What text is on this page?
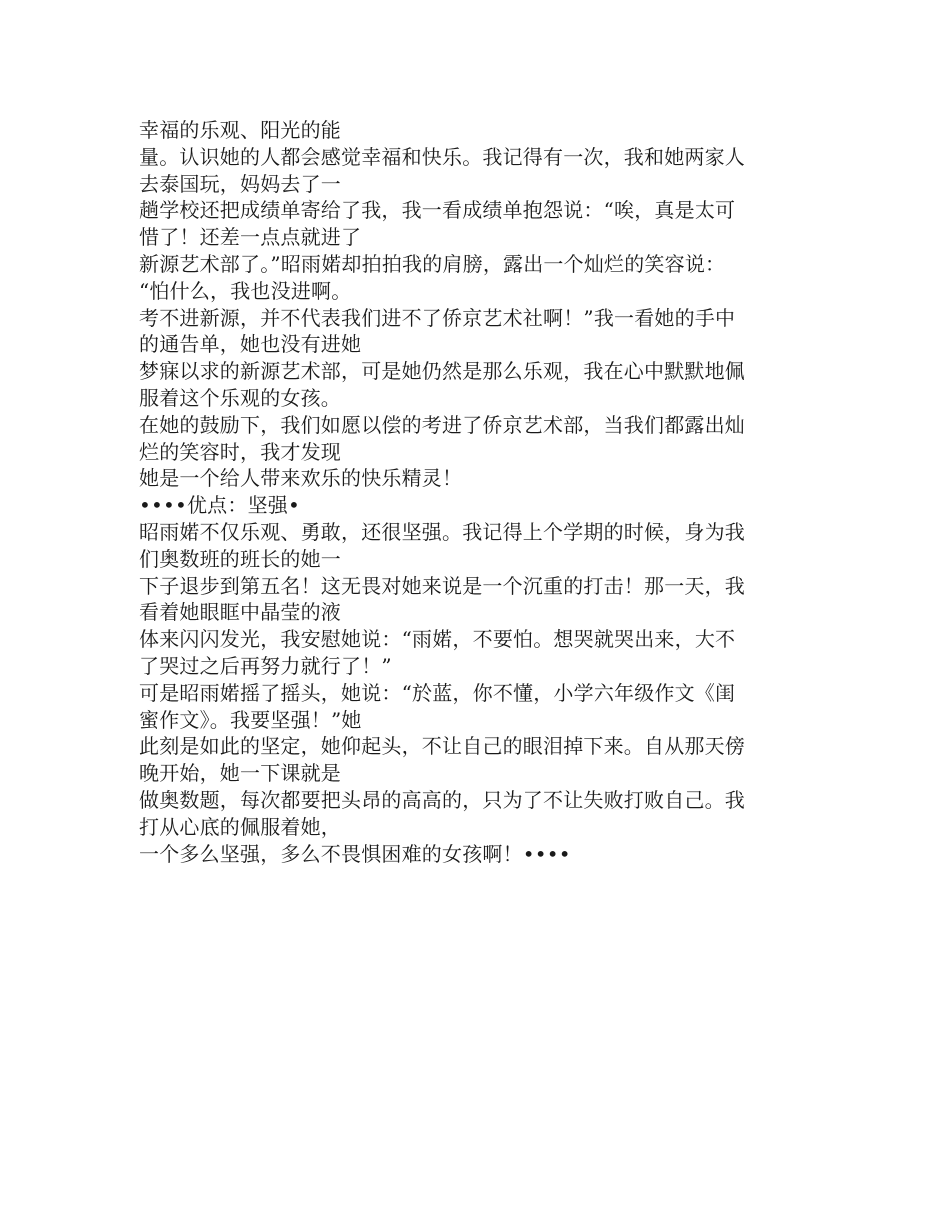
幸福的乐观、阳光的能
量。认识她的人都会感觉幸福和快乐。我记得有一次，我和她两家人
去泰国玩，妈妈去了一
趟学校还把成绩单寄给了我，我一看成绩单抱怨说：“唉，真是太可
惜了！还差一点点就进了
新源艺术部了。”昭雨婼却拍拍我的肩膀，露出一个灿烂的笑容说：
“怕什么，我也没进啊。
考不进新源，并不代表我们进不了侨京艺术社啊！”我一看她的手中
的通告单，她也没有进她
梦寐以求的新源艺术部，可是她仍然是那么乐观，我在心中默默地佩
服着这个乐观的女孩。
在她的鼓励下，我们如愿以偿的考进了侨京艺术部，当我们都露出灿
烂的笑容时，我才发现
她是一个给人带来欢乐的快乐精灵！
••••优点：坚强•
昭雨婼不仅乐观、勇敢，还很坚强。我记得上个学期的时候，身为我
们奥数班的班长的她一
下子退步到第五名！这无畏对她来说是一个沉重的打击！那一天，我
看着她眼眶中晶莹的液
体来闪闪发光，我安慰她说：“雨婼，不要怕。想哭就哭出来，大不
了哭过之后再努力就行了！”
可是昭雨婼摇了摇头，她说：“於蓝，你不懂，小学六年级作文《闺
蜜作文》。我要坚强！”她
此刻是如此的坚定，她仰起头，不让自己的眼泪掉下来。自从那天傍
晚开始，她一下课就是
做奥数题，每次都要把头昂的高高的，只为了不让失败打败自己。我
打从心底的佩服着她，
一个多么坚强，多么不畏惧困难的女孩啊！••••
